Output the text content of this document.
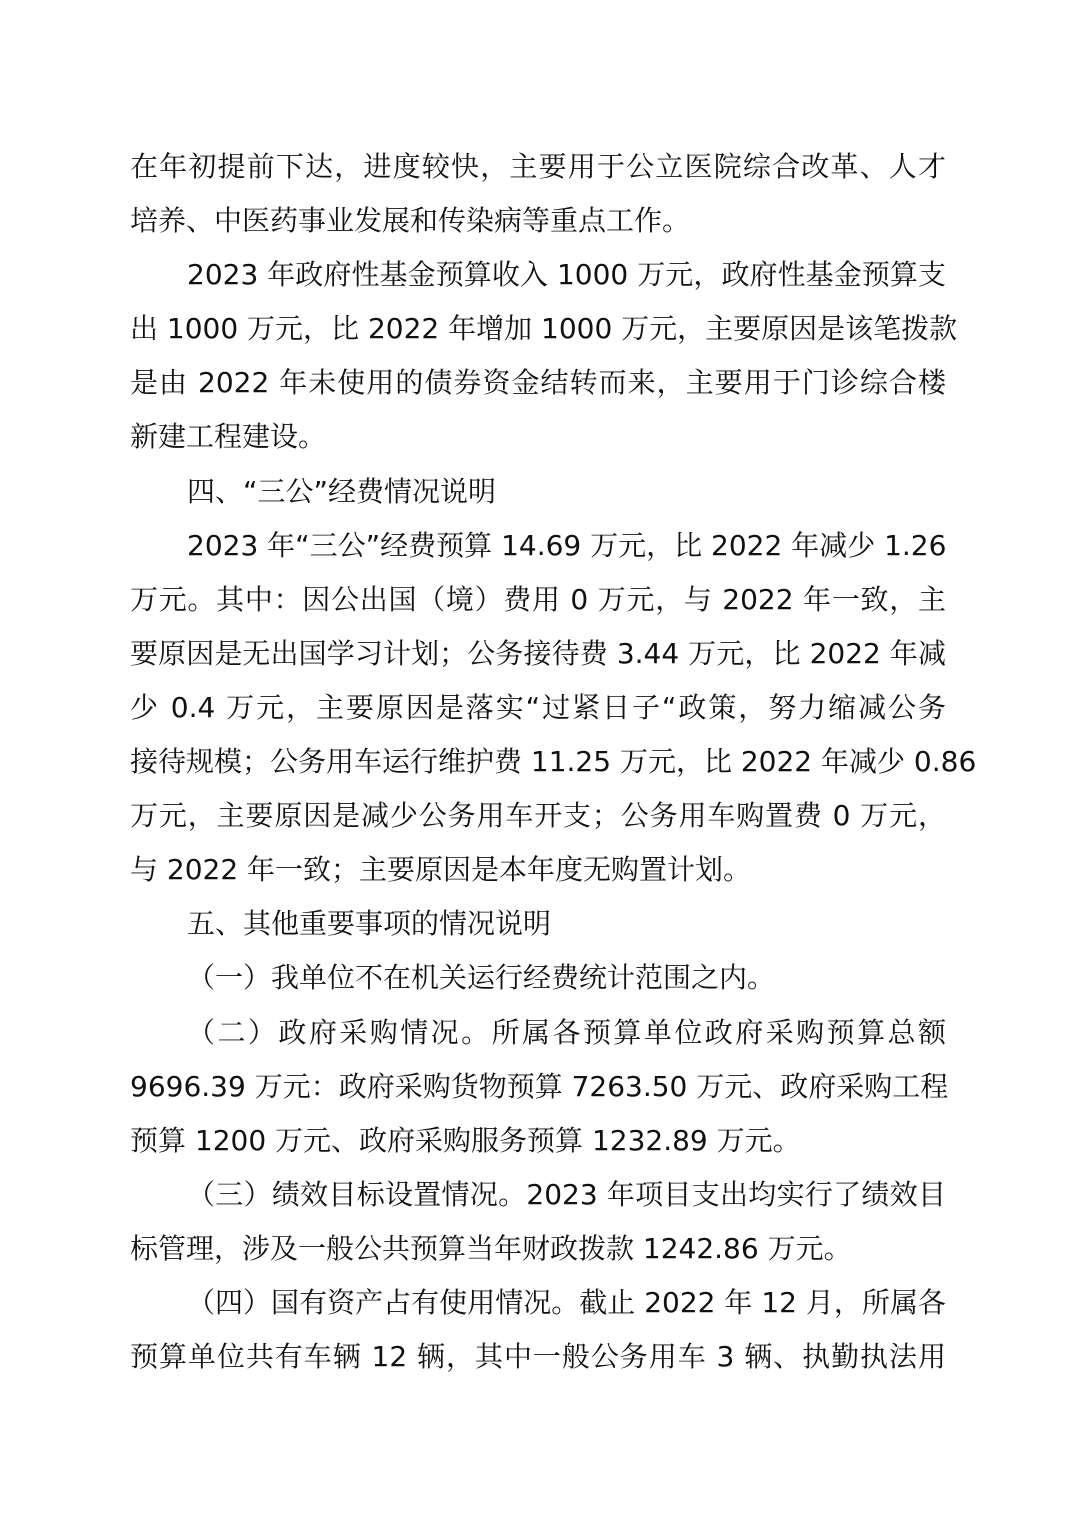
在年初提前下达，进度较快，主要用于公立医院综合改革、人才
培养、中医药事业发展和传染病等重点工作。
2023 年政府性基金预算收入 1000 万元，政府性基金预算支
出 1000 万元，比 2022 年增加 1000 万元，主要原因是该笔拨款
是由 2022 年未使用的债券资金结转而来，主要用于门诊综合楼
新建工程建设。
四、“三公”经费情况说明
2023 年“三公”经费预算 14.69 万元，比 2022 年减少 1.26
万元。其中：因公出国（境）费用 0 万元，与 2022 年一致，主
要原因是无出国学习计划；公务接待费 3.44 万元，比 2022 年减
少 0.4 万元，主要原因是落实“过紧日子“政策，努力缩减公务
接待规模；公务用车运行维护费 11.25 万元，比 2022 年减少 0.86
万元，主要原因是减少公务用车开支；公务用车购置费 0 万元，
与 2022 年一致；主要原因是本年度无购置计划。
五、其他重要事项的情况说明
（一）我单位不在机关运行经费统计范围之内。
（二）政府采购情况。所属各预算单位政府采购预算总额
9696.39 万元：政府采购货物预算 7263.50 万元、政府采购工程
预算 1200 万元、政府采购服务预算 1232.89 万元。
（三）绩效目标设置情况。2023 年项目支出均实行了绩效目
标管理，涉及一般公共预算当年财政拨款 1242.86 万元。
（四）国有资产占有使用情况。截止 2022 年 12 月，所属各
预算单位共有车辆 12 辆，其中一般公务用车 3 辆、执勤执法用
